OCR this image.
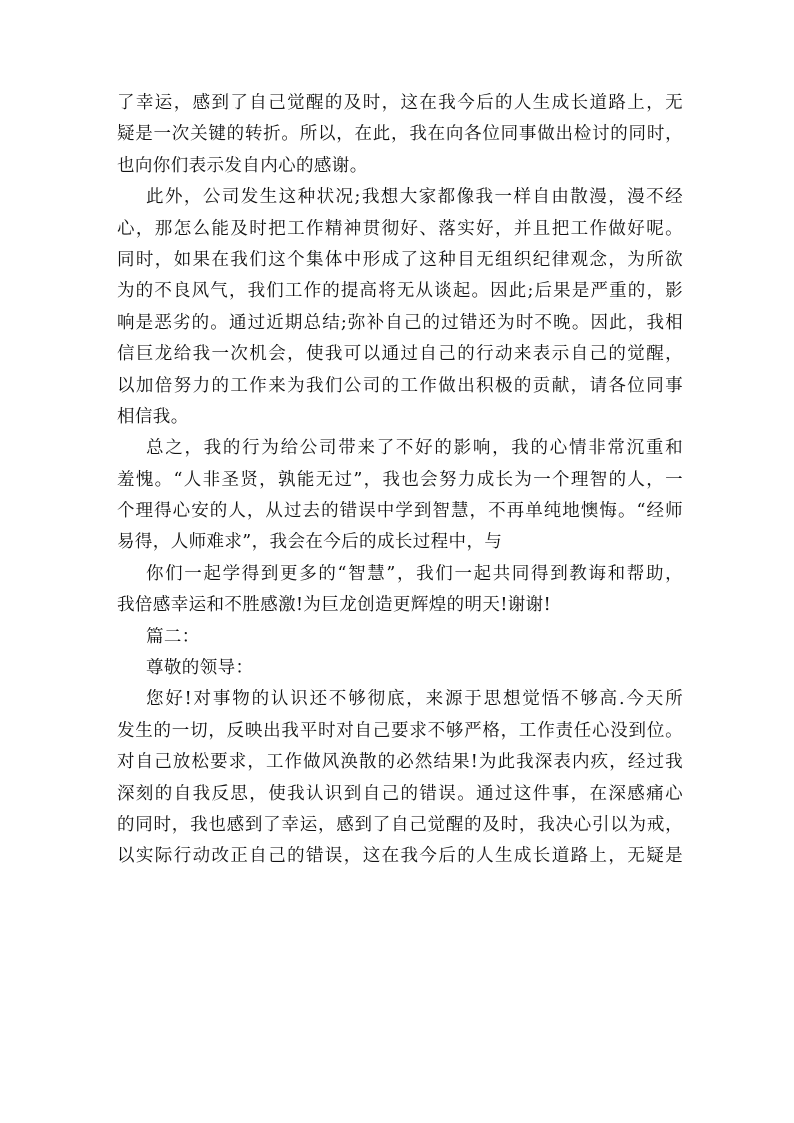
了幸运，感到了自己觉醒的及时，这在我今后的人生成长道路上，无
疑是一次关键的转折。所以，在此，我在向各位同事做出检讨的同时，
也向你们表示发自内心的感谢。
此外，公司发生这种状况;我想大家都像我一样自由散漫，漫不经
心，那怎么能及时把工作精神贯彻好、落实好，并且把工作做好呢。
同时，如果在我们这个集体中形成了这种目无组织纪律观念，为所欲
为的不良风气，我们工作的提高将无从谈起。因此;后果是严重的，影
响是恶劣的。通过近期总结;弥补自己的过错还为时不晚。因此，我相
信巨龙给我一次机会，使我可以通过自己的行动来表示自己的觉醒，
以加倍努力的工作来为我们公司的工作做出积极的贡献，请各位同事
相信我。
总之，我的行为给公司带来了不好的影响，我的心情非常沉重和
羞愧。“人非圣贤，孰能无过”，我也会努力成长为一个理智的人，一
个理得心安的人，从过去的错误中学到智慧，不再单纯地懊悔。“经师
易得，人师难求”，我会在今后的成长过程中，与
你们一起学得到更多的“智慧”，我们一起共同得到教诲和帮助，
我倍感幸运和不胜感激!为巨龙创造更辉煌的明天!谢谢!
篇二：
尊敬的领导：
您好!对事物的认识还不够彻底，来源于思想觉悟不够高.今天所
发生的一切，反映出我平时对自己要求不够严格，工作责任心没到位。
对自己放松要求，工作做风涣散的必然结果!为此我深表内疚，经过我
深刻的自我反思，使我认识到自己的错误。通过这件事，在深感痛心
的同时，我也感到了幸运，感到了自己觉醒的及时，我决心引以为戒，
以实际行动改正自己的错误，这在我今后的人生成长道路上，无疑是
